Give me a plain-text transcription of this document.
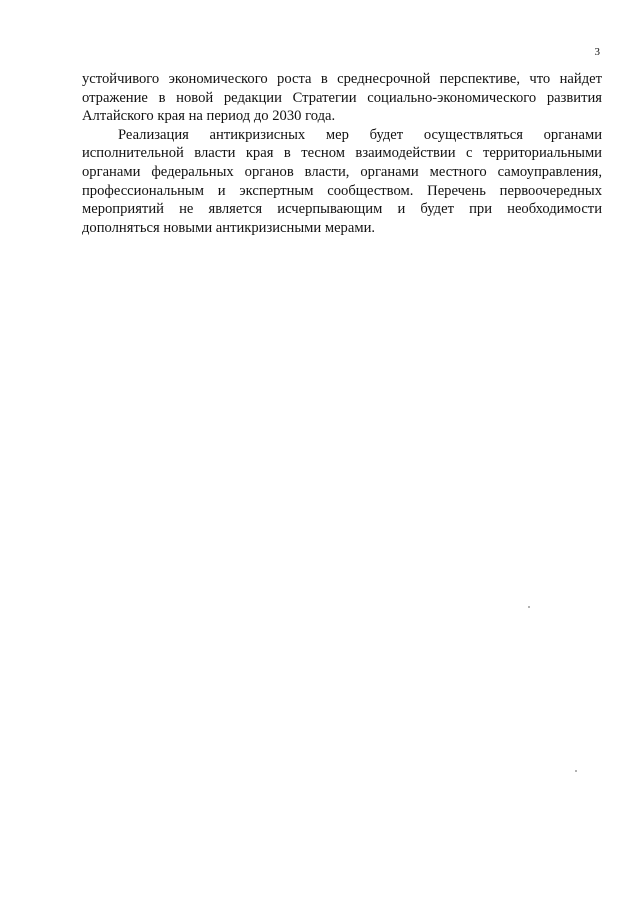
3
устойчивого экономического роста в среднесрочной перспективе, что найдет
отражение в новой редакции Стратегии социально-экономического развития
Алтайского края на период до 2030 года.
Реализация антикризисных мер будет осуществляться органами
исполнительной власти края в тесном взаимодействии с территориальными
органами федеральных органов власти, органами местного самоуправления,
профессиональным и экспертным сообществом. Перечень первоочередных
мероприятий не является исчерпывающим и будет при необходимости
дополняться новыми антикризисными мерами.
